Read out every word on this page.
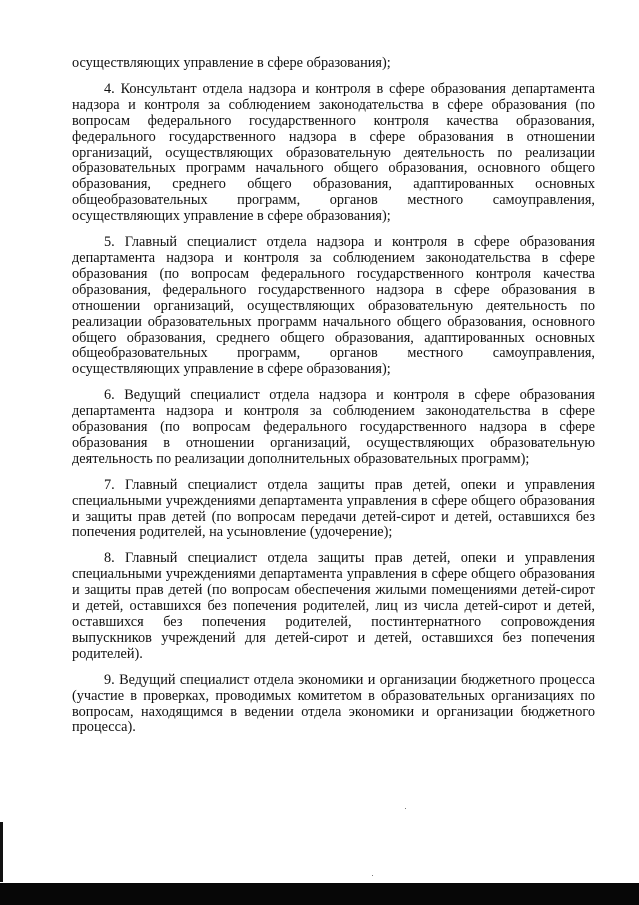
осуществляющих управление в сфере образования);

4. Консультант отдела надзора и контроля в сфере образования департамента надзора и контроля за соблюдением законодательства в сфере образования (по вопросам федерального государственного контроля качества образования, федерального государственного надзора в сфере образования в отношении организаций, осуществляющих образовательную деятельность по реализации образовательных программ начального общего образования, основного общего образования, среднего общего образования, адаптированных основных общеобразовательных программ, органов местного самоуправления, осуществляющих управление в сфере образования);

5. Главный специалист отдела надзора и контроля в сфере образования департамента надзора и контроля за соблюдением законодательства в сфере образования (по вопросам федерального государственного контроля качества образования, федерального государственного надзора в сфере образования в отношении организаций, осуществляющих образовательную деятельность по реализации образовательных программ начального общего образования, основного общего образования, среднего общего образования, адаптированных основных общеобразовательных программ, органов местного самоуправления, осуществляющих управление в сфере образования);

6. Ведущий специалист отдела надзора и контроля в сфере образования департамента надзора и контроля за соблюдением законодательства в сфере образования (по вопросам федерального государственного надзора в сфере образования в отношении организаций, осуществляющих образовательную деятельность по реализации дополнительных образовательных программ);

7. Главный специалист отдела защиты прав детей, опеки и управления специальными учреждениями департамента управления в сфере общего образования и защиты прав детей (по вопросам передачи детей-сирот и детей, оставшихся без попечения родителей, на усыновление (удочерение);

8. Главный специалист отдела защиты прав детей, опеки и управления специальными учреждениями департамента управления в сфере общего образования и защиты прав детей (по вопросам обеспечения жилыми помещениями детей-сирот и детей, оставшихся без попечения родителей, лиц из числа детей-сирот и детей, оставшихся без попечения родителей, постинтернатного сопровождения выпускников учреждений для детей-сирот и детей, оставшихся без попечения родителей).

9. Ведущий специалист отдела экономики и организации бюджетного процесса (участие в проверках, проводимых комитетом в образовательных организациях по вопросам, находящимся в ведении отдела экономики и организации бюджетного процесса).
